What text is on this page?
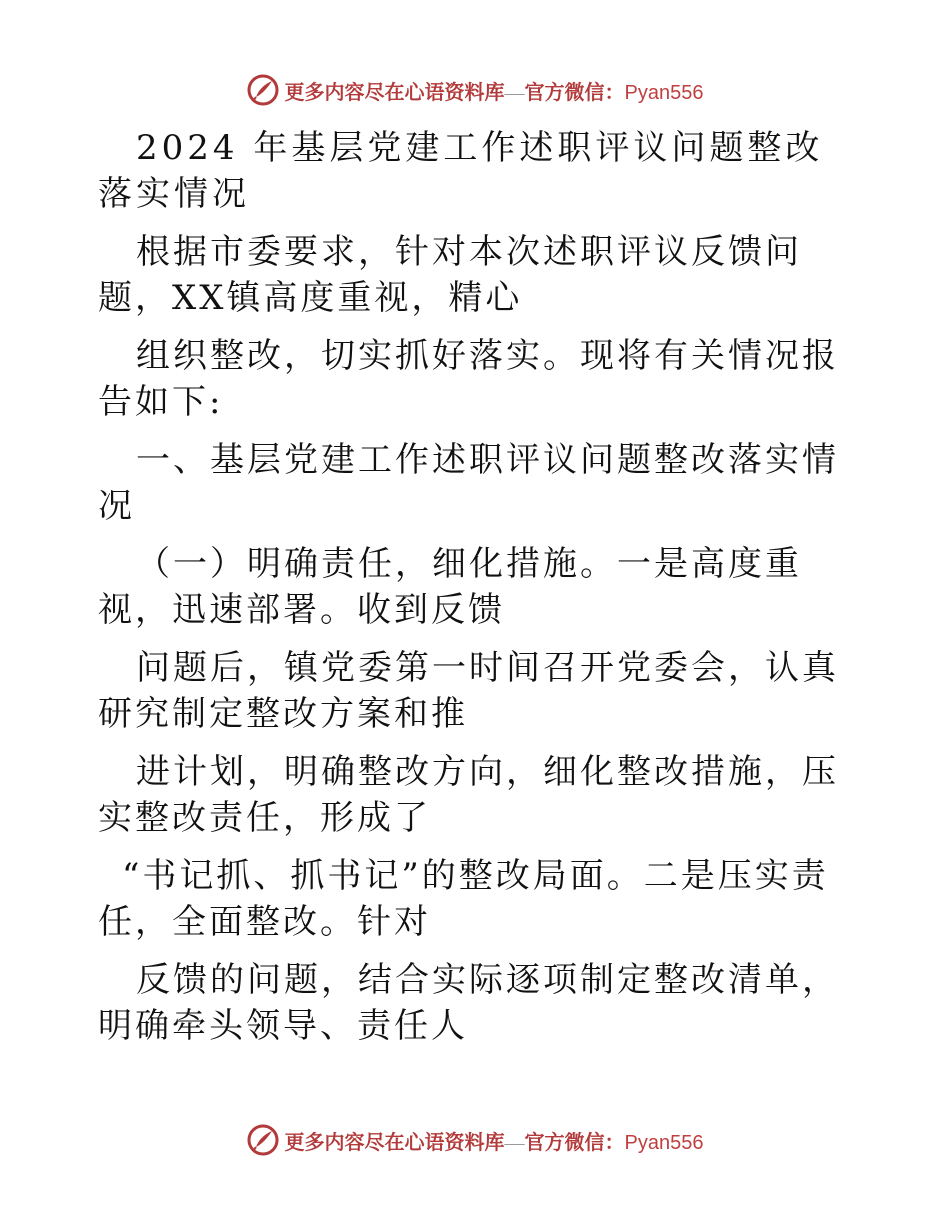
更多内容尽在心语资料库—官方微信：Pyan556

2024 年基层党建工作述职评议问题整改落实情况

根据市委要求，针对本次述职评议反馈问题，XX镇高度重视，精心

组织整改，切实抓好落实。现将有关情况报告如下:

一、基层党建工作述职评议问题整改落实情况

（一）明确责任，细化措施。一是高度重视，迅速部署。收到反馈

问题后，镇党委第一时间召开党委会，认真研究制定整改方案和推

进计划，明确整改方向，细化整改措施，压实整改责任，形成了

“书记抓、抓书记”的整改局面。二是压实责任，全面整改。针对

反馈的问题，结合实际逐项制定整改清单，明确牵头领导、责任人

更多内容尽在心语资料库—官方微信：Pyan556
